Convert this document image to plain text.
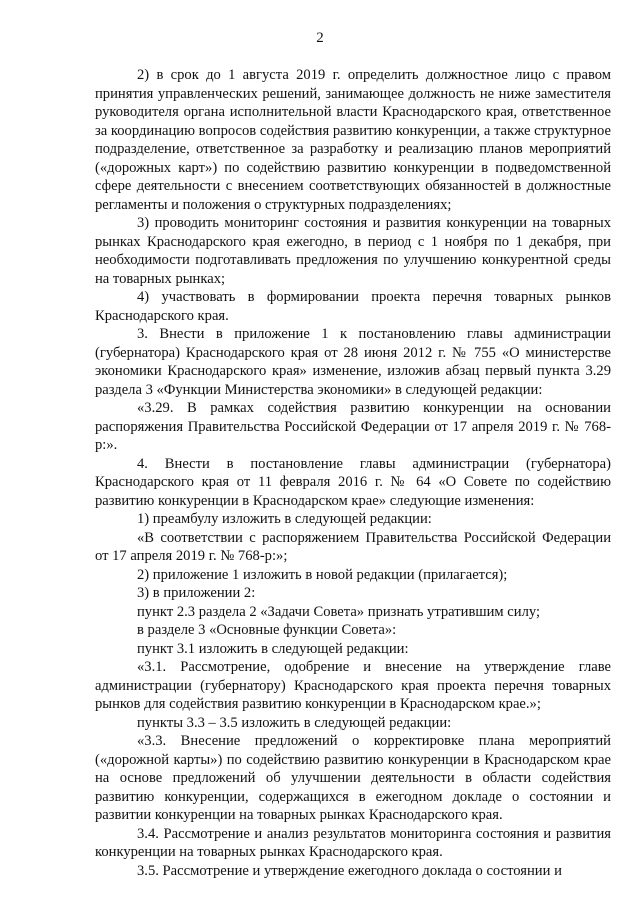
2

2) в срок до 1 августа 2019 г. определить должностное лицо с правом принятия управленческих решений, занимающее должность не ниже заместителя руководителя органа исполнительной власти Краснодарского края, ответственное за координацию вопросов содействия развитию конкуренции, а также структурное подразделение, ответственное за разработку и реализацию планов мероприятий («дорожных карт») по содействию развитию конкуренции в подведомственной сфере деятельности с внесением соответствующих обязанностей в должностные регламенты и положения о структурных подразделениях;

3) проводить мониторинг состояния и развития конкуренции на товарных рынках Краснодарского края ежегодно, в период с 1 ноября по 1 декабря, при необходимости подготавливать предложения по улучшению конкурентной среды на товарных рынках;

4) участвовать в формировании проекта перечня товарных рынков Краснодарского края.

3. Внести в приложение 1 к постановлению главы администрации (губернатора) Краснодарского края от 28 июня 2012 г. № 755 «О министерстве экономики Краснодарского края» изменение, изложив абзац первый пункта 3.29 раздела 3 «Функции Министерства экономики» в следующей редакции:

«3.29. В рамках содействия развитию конкуренции на основании распоряжения Правительства Российской Федерации от 17 апреля 2019 г. № 768-р:».

4. Внести в постановление главы администрации (губернатора) Краснодарского края от 11 февраля 2016 г. № 64 «О Совете по содействию развитию конкуренции в Краснодарском крае» следующие изменения:

1) преамбулу изложить в следующей редакции:

«В соответствии с распоряжением Правительства Российской Федерации от 17 апреля 2019 г. № 768-р:»;

2) приложение 1 изложить в новой редакции (прилагается);

3) в приложении 2:

пункт 2.3 раздела 2 «Задачи Совета» признать утратившим силу;

в разделе 3 «Основные функции Совета»:

пункт 3.1 изложить в следующей редакции:

«3.1. Рассмотрение, одобрение и внесение на утверждение главе администрации (губернатору) Краснодарского края проекта перечня товарных рынков для содействия развитию конкуренции в Краснодарском крае.»;

пункты 3.3 – 3.5 изложить в следующей редакции:

«3.3. Внесение предложений о корректировке плана мероприятий («дорожной карты») по содействию развитию конкуренции в Краснодарском крае на основе предложений об улучшении деятельности в области содействия развитию конкуренции, содержащихся в ежегодном докладе о состоянии и развитии конкуренции на товарных рынках Краснодарского края.

3.4. Рассмотрение и анализ результатов мониторинга состояния и развития конкуренции на товарных рынках Краснодарского края.

3.5. Рассмотрение и утверждение ежегодного доклада о состоянии и
